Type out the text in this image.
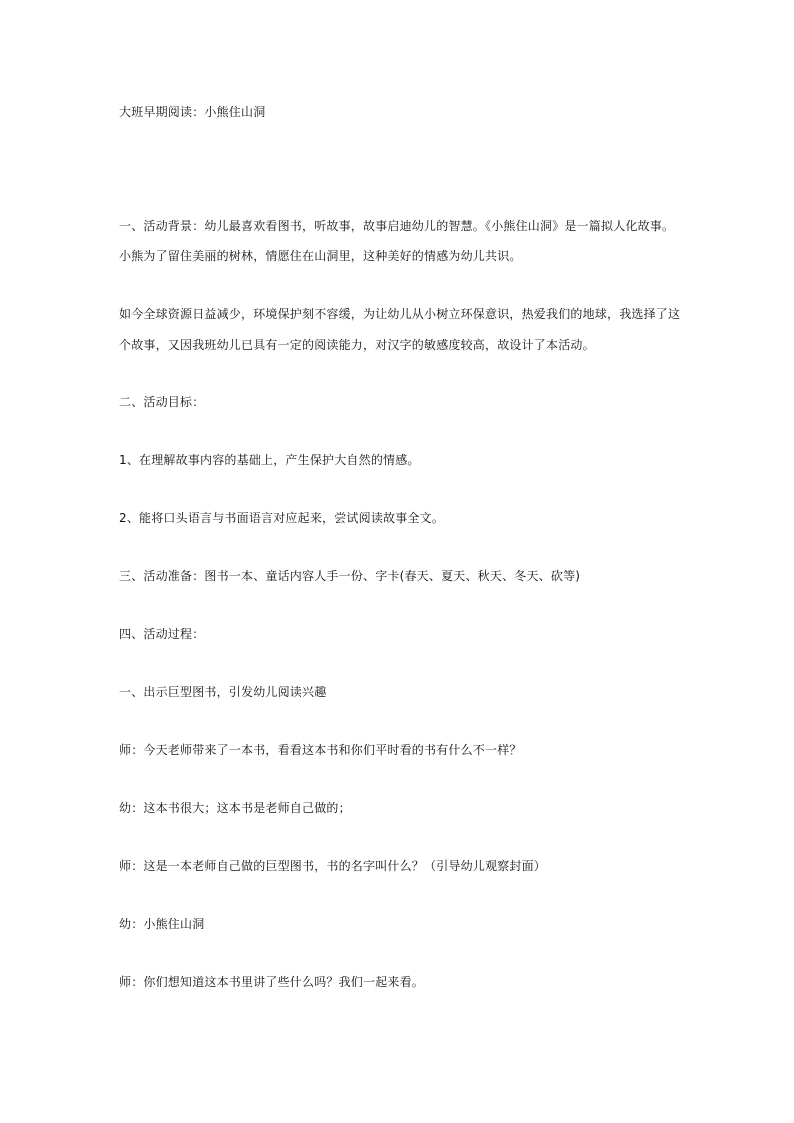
大班早期阅读：小熊住山洞
一、活动背景：幼儿最喜欢看图书，听故事，故事启迪幼儿的智慧。《小熊住山洞》是一篇拟人化故事。
小熊为了留住美丽的树林，情愿住在山洞里，这种美好的情感为幼儿共识。
如今全球资源日益减少，环境保护刻不容缓，为让幼儿从小树立环保意识，热爱我们的地球，我选择了这
个故事，又因我班幼儿已具有一定的阅读能力，对汉字的敏感度较高，故设计了本活动。
二、活动目标：
1、在理解故事内容的基础上，产生保护大自然的情感。
2、能将口头语言与书面语言对应起来，尝试阅读故事全文。
三、活动准备：图书一本、童话内容人手一份、字卡(春天、夏天、秋天、冬天、砍等)
四、活动过程：
一、出示巨型图书，引发幼儿阅读兴趣
师：今天老师带来了一本书，看看这本书和你们平时看的书有什么不一样？
幼：这本书很大；这本书是老师自己做的；
师：这是一本老师自己做的巨型图书，书的名字叫什么？（引导幼儿观察封面）
幼：小熊住山洞
师：你们想知道这本书里讲了些什么吗？我们一起来看。
